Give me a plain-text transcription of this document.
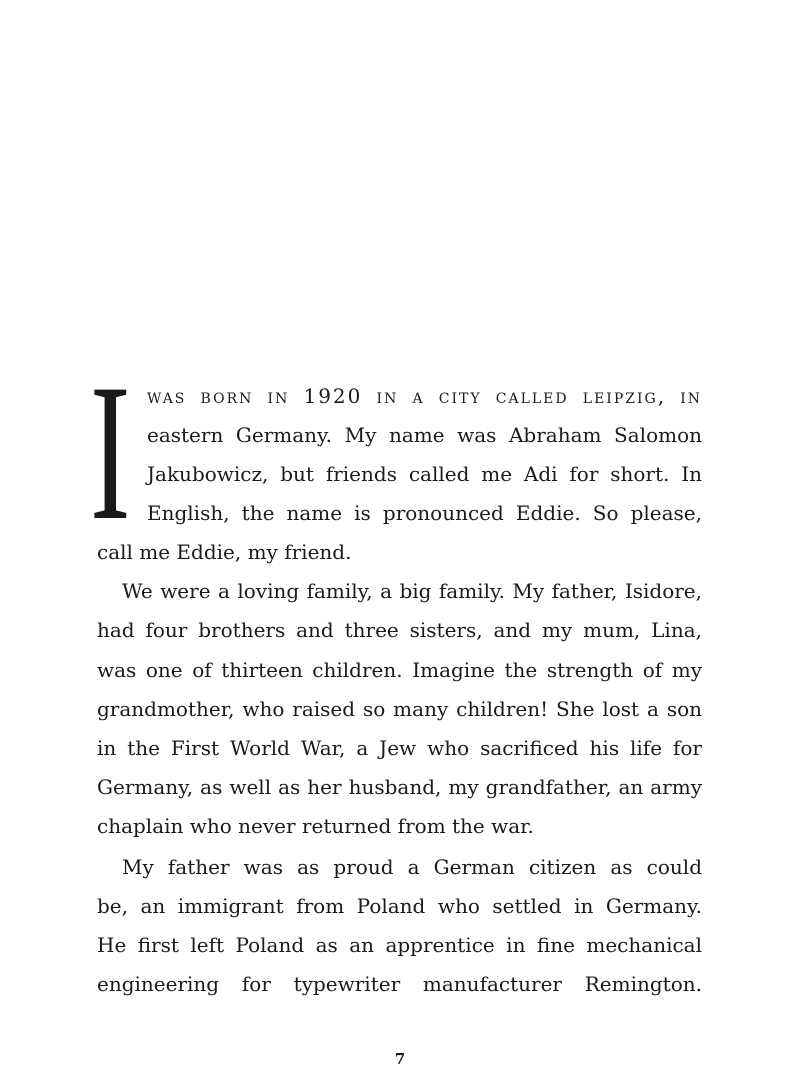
I was born in 1920 in a city called leipzig, in
eastern Germany. My name was Abraham Salomon
Jakubowicz, but friends called me Adi for short. In
English, the name is pronounced Eddie. So please,
call me Eddie, my friend.
We were a loving family, a big family. My father, Isidore,
had four brothers and three sisters, and my mum, Lina,
was one of thirteen children. Imagine the strength of my
grandmother, who raised so many children! She lost a son
in the First World War, a Jew who sacrificed his life for
Germany, as well as her husband, my grandfather, an army
chaplain who never returned from the war.
My father was as proud a German citizen as could
be, an immigrant from Poland who settled in Germany.
He first left Poland as an apprentice in fine mechanical
engineering for typewriter manufacturer Remington.
7
